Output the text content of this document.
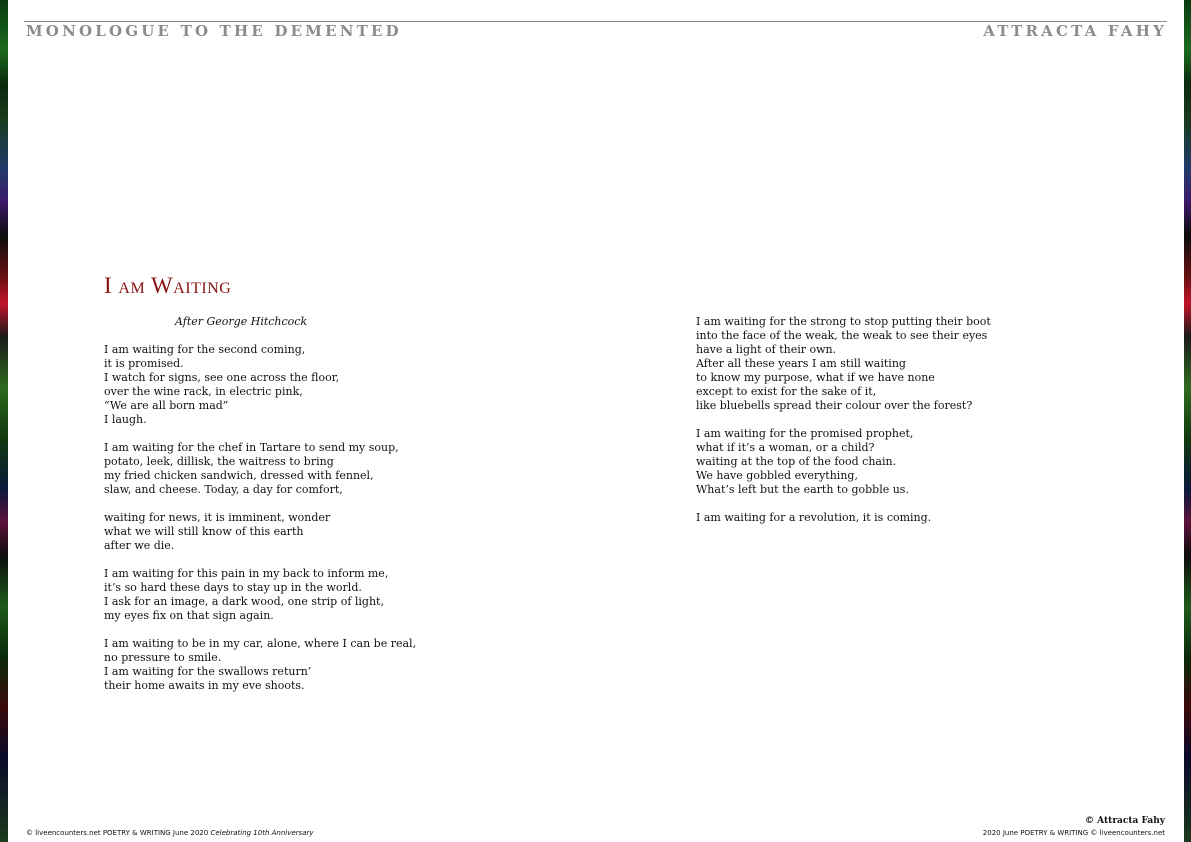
MONOLOGUE TO THE DEMENTED	ATTRACTA FAHY
I am Waiting
After George Hitchcock
I am waiting for the second coming,
it is promised.
I watch for signs, see one across the floor,
over the wine rack, in electric pink,
“We are all born mad”
I laugh.
I am waiting for the chef in Tartare to send my soup,
potato, leek, dillisk, the waitress to bring
my fried chicken sandwich, dressed with fennel,
slaw, and cheese. Today, a day for comfort,
waiting for news, it is imminent, wonder
what we will still know of this earth
after we die.
I am waiting for this pain in my back to inform me,
it’s so hard these days to stay up in the world.
I ask for an image, a dark wood, one strip of light,
my eyes fix on that sign again.
I am waiting to be in my car, alone, where I can be real,
no pressure to smile.
I am waiting for the swallows return’
their home awaits in my eve shoots.
I am waiting for the strong to stop putting their boot
into the face of the weak, the weak to see their eyes
have a light of their own.
After all these years I am still waiting
to know my purpose, what if we have none
except to exist for the sake of it,
like bluebells spread their colour over the forest?
I am waiting for the promised prophet,
what if it’s a woman, or a child?
waiting at the top of the food chain.
We have gobbled everything,
What’s left but the earth to gobble us.
I am waiting for a revolution, it is coming.
© liveencounters.net POETRY & WRITING June 2020 Celebrating 10th Anniversary
© Attracta Fahy
2020 June POETRY & WRITING © liveencounters.net
